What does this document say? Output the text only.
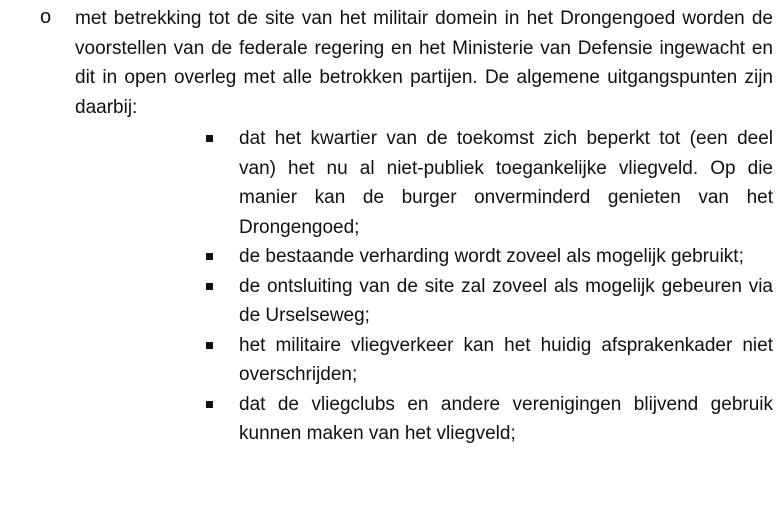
o met betrekking tot de site van het militair domein in het Drongengoed worden de voorstellen van de federale regering en het Ministerie van Defensie ingewacht en dit in open overleg met alle betrokken partijen. De algemene uitgangspunten zijn daarbij:
dat het kwartier van de toekomst zich beperkt tot (een deel van) het nu al niet-publiek toegankelijke vliegveld. Op die manier kan de burger onverminderd genieten van het Drongengoed;
de bestaande verharding wordt zoveel als mogelijk gebruikt;
de ontsluiting van de site zal zoveel als mogelijk gebeuren via de Urselseweg;
het militaire vliegverkeer kan het huidig afsprakenkader niet overschrijden;
dat de vliegclubs en andere verenigingen blijvend gebruik kunnen maken van het vliegveld;
